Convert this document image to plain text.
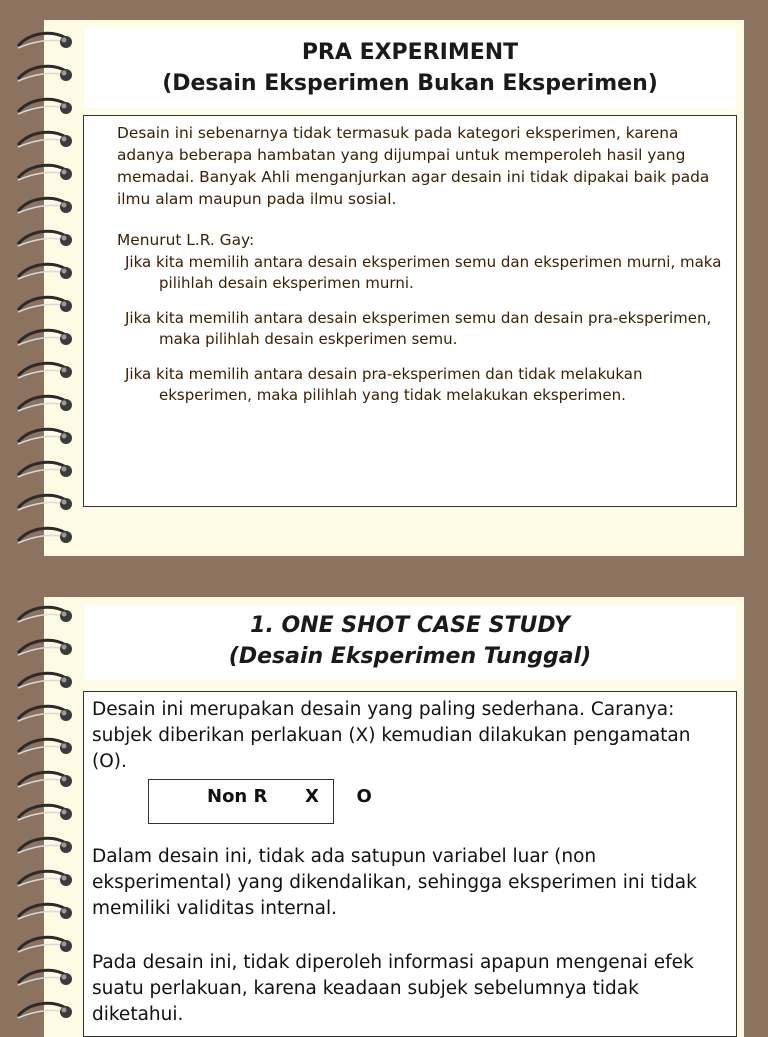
PRA EXPERIMENT
(Desain Eksperimen Bukan Eksperimen)

Desain ini sebenarnya tidak termasuk pada kategori eksperimen, karena adanya beberapa hambatan yang dijumpai untuk memperoleh hasil yang memadai. Banyak Ahli menganjurkan agar desain ini tidak dipakai baik pada ilmu alam maupun pada ilmu sosial.

Menurut L.R. Gay:

Jika kita memilih antara desain eksperimen semu dan eksperimen murni, maka pilihlah desain eksperimen murni.

Jika kita memilih antara desain eksperimen semu dan desain pra-eksperimen, maka pilihlah desain eskperimen semu.

Jika kita memilih antara desain pra-eksperimen dan tidak melakukan eksperimen, maka pilihlah yang tidak melakukan eksperimen.

1. ONE SHOT CASE STUDY
(Desain Eksperimen Tunggal)

Desain ini merupakan desain yang paling sederhana. Caranya: subjek diberikan perlakuan (X) kemudian dilakukan pengamatan (O).

Non R      X      O

Dalam desain ini, tidak ada satupun variabel luar (non eksperimental) yang dikendalikan, sehingga eksperimen ini tidak memiliki validitas internal.

Pada desain ini, tidak diperoleh informasi apapun mengenai efek suatu perlakuan, karena keadaan subjek sebelumnya tidak diketahui.
